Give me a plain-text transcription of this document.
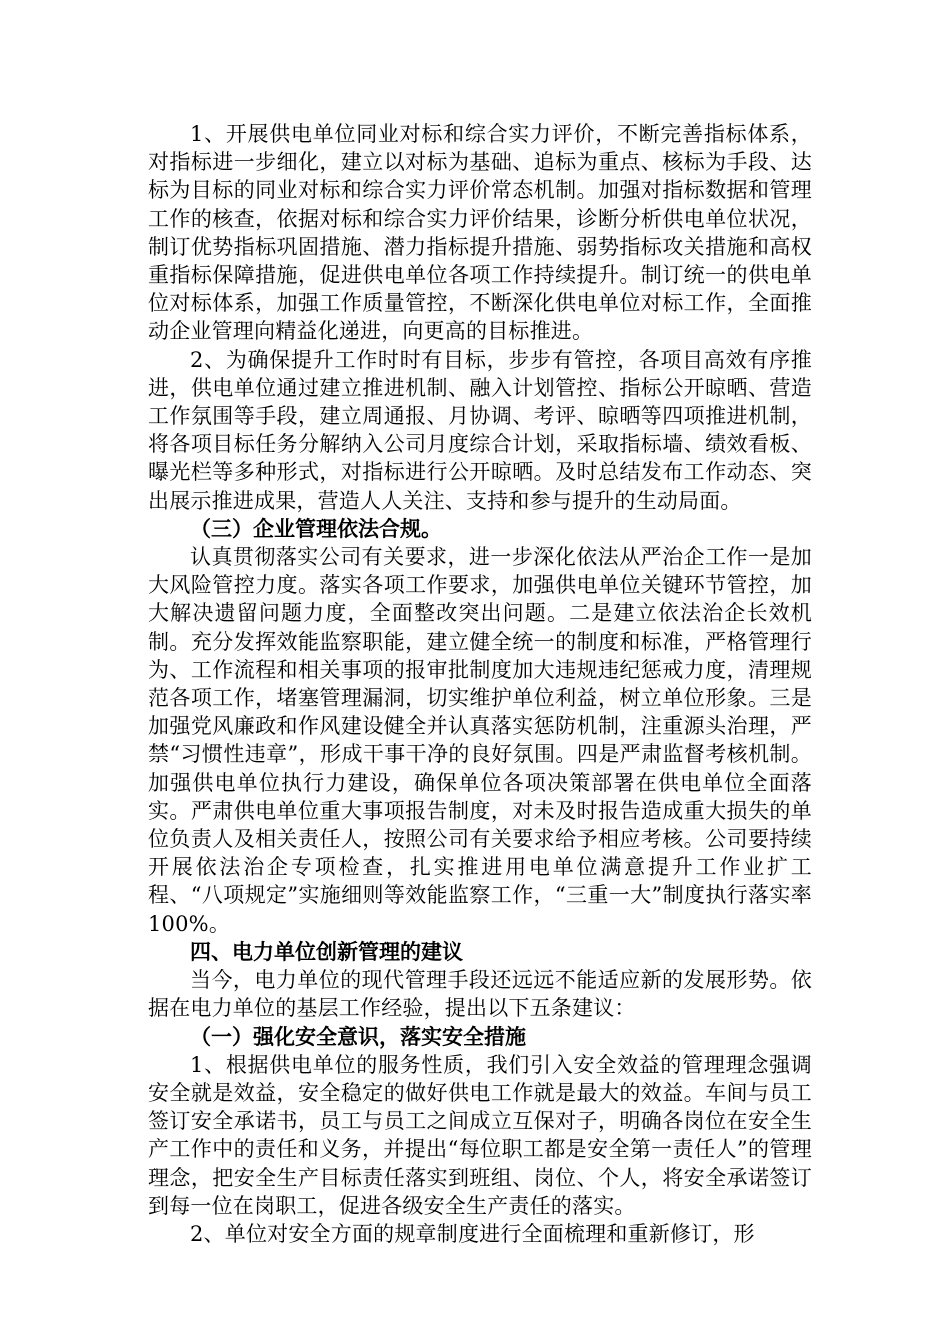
1、开展供电单位同业对标和综合实力评价，不断完善指标体系，对指标进一步细化，建立以对标为基础、追标为重点、核标为手段、达标为目标的同业对标和综合实力评价常态机制。加强对指标数据和管理工作的核查，依据对标和综合实力评价结果，诊断分析供电单位状况，制订优势指标巩固措施、潜力指标提升措施、弱势指标攻关措施和高权重指标保障措施，促进供电单位各项工作持续提升。制订统一的供电单位对标体系，加强工作质量管控，不断深化供电单位对标工作，全面推动企业管理向精益化递进，向更高的目标推进。

2、为确保提升工作时时有目标，步步有管控，各项目高效有序推进，供电单位通过建立推进机制、融入计划管控、指标公开晾晒、营造工作氛围等手段，建立周通报、月协调、考评、晾晒等四项推进机制，将各项目标任务分解纳入公司月度综合计划，采取指标墙、绩效看板、曝光栏等多种形式，对指标进行公开晾晒。及时总结发布工作动态、突出展示推进成果，营造人人关注、支持和参与提升的生动局面。

（三）企业管理依法合规。

认真贯彻落实公司有关要求，进一步深化依法从严治企工作一是加大风险管控力度。落实各项工作要求，加强供电单位关键环节管控，加大解决遗留问题力度，全面整改突出问题。二是建立依法治企长效机制。充分发挥效能监察职能，建立健全统一的制度和标准，严格管理行为、工作流程和相关事项的报审批制度加大违规违纪惩戒力度，清理规范各项工作，堵塞管理漏洞，切实维护单位利益，树立单位形象。三是加强党风廉政和作风建设健全并认真落实惩防机制，注重源头治理，严禁“习惯性违章”，形成干事干净的良好氛围。四是严肃监督考核机制。加强供电单位执行力建设，确保单位各项决策部署在供电单位全面落实。严肃供电单位重大事项报告制度，对未及时报告造成重大损失的单位负责人及相关责任人，按照公司有关要求给予相应考核。公司要持续开展依法治企专项检查，扎实推进用电单位满意提升工作业扩工程、“八项规定”实施细则等效能监察工作，“三重一大”制度执行落实率100%。

四、电力单位创新管理的建议

当今，电力单位的现代管理手段还远远不能适应新的发展形势。依据在电力单位的基层工作经验，提出以下五条建议：

（一）强化安全意识，落实安全措施

1、根据供电单位的服务性质，我们引入安全效益的管理理念强调安全就是效益，安全稳定的做好供电工作就是最大的效益。车间与员工签订安全承诺书，员工与员工之间成立互保对子，明确各岗位在安全生产工作中的责任和义务，并提出“每位职工都是安全第一责任人”的管理理念，把安全生产目标责任落实到班组、岗位、个人，将安全承诺签订到每一位在岗职工，促进各级安全生产责任的落实。

2、单位对安全方面的规章制度进行全面梳理和重新修订，形
